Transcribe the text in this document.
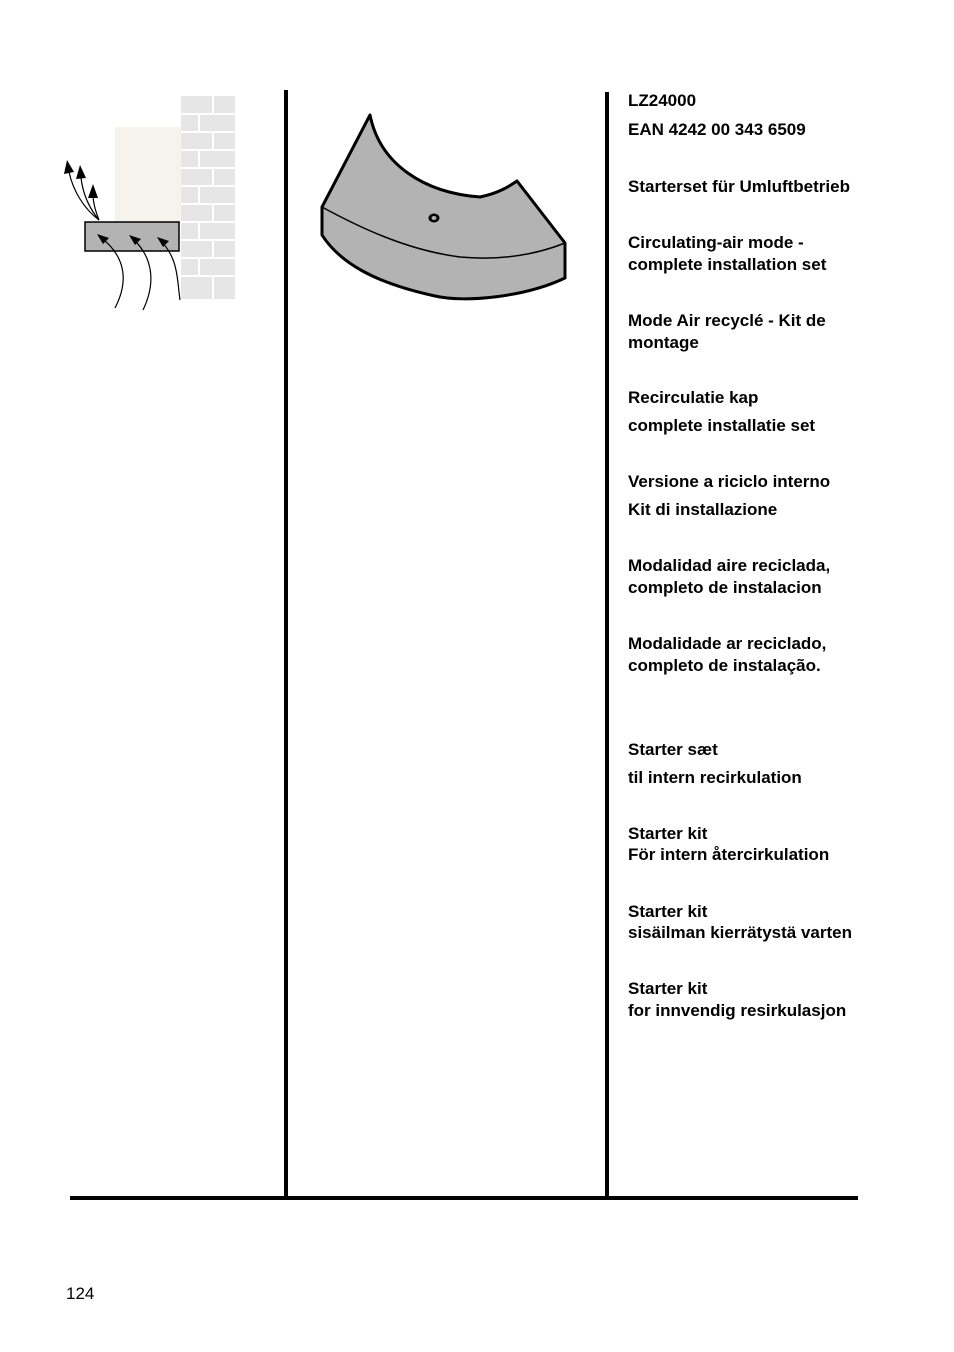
LZ24000
EAN 4242 00 343 6509
Starterset für Umluftbetrieb
Circulating-air mode -
complete installation set
Mode Air recyclé - Kit de
montage
Recirculatie kap
complete installatie set
Versione a riciclo interno
Kit di installazione
Modalidad aire reciclada,
completo de instalacion
Modalidade ar reciclado,
completo de instalação.
Starter sæt
til intern recirkulation
Starter kit
För intern återcirkulation
Starter kit
sisäilman kierrätystä varten
Starter kit
for innvendig resirkulasjon
124
